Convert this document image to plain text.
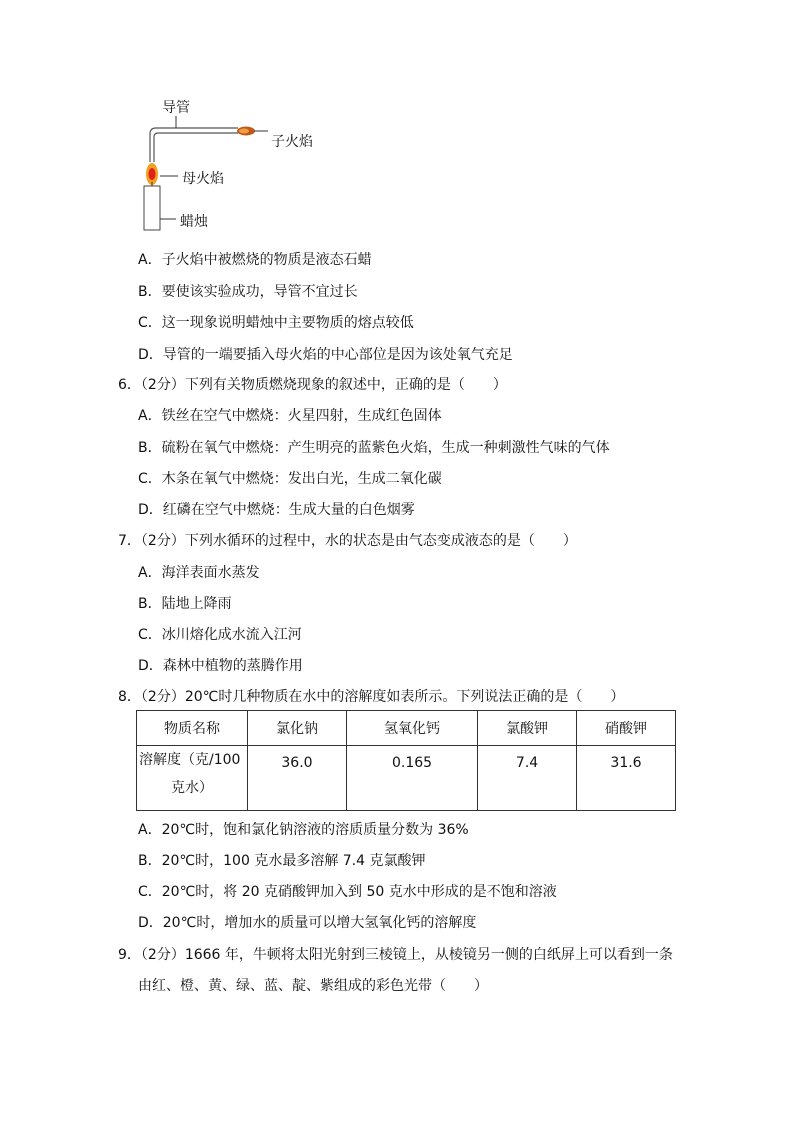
导管
子火焰
母火焰
蜡烛
A．子火焰中被燃烧的物质是液态石蜡
B．要使该实验成功，导管不宜过长
C．这一现象说明蜡烛中主要物质的熔点较低
D．导管的一端要插入母火焰的中心部位是因为该处氧气充足
6．（2分）下列有关物质燃烧现象的叙述中，正确的是（　　）
A．铁丝在空气中燃烧：火星四射，生成红色固体
B．硫粉在氧气中燃烧：产生明亮的蓝紫色火焰，生成一种刺激性气味的气体
C．木条在氧气中燃烧：发出白光，生成二氧化碳
D．红磷在空气中燃烧：生成大量的白色烟雾
7．（2分）下列水循环的过程中，水的状态是由气态变成液态的是（　　）
A．海洋表面水蒸发
B．陆地上降雨
C．冰川熔化成水流入江河
D．森林中植物的蒸腾作用
8．（2分）20℃时几种物质在水中的溶解度如表所示。下列说法正确的是（　　）
物质名称	氯化钠	氢氧化钙	氯酸钾	硝酸钾

溶解度（克/100
克水）	36.0	0.165	7.4	31.6
A．20℃时，饱和氯化钠溶液的溶质质量分数为 36%
B．20℃时，100 克水最多溶解 7.4 克氯酸钾
C．20℃时，将 20 克硝酸钾加入到 50 克水中形成的是不饱和溶液
D．20℃时，增加水的质量可以增大氢氧化钙的溶解度
9．（2分）1666 年，牛顿将太阳光射到三棱镜上，从棱镜另一侧的白纸屏上可以看到一条
由红、橙、黄、绿、蓝、靛、紫组成的彩色光带（　　）
